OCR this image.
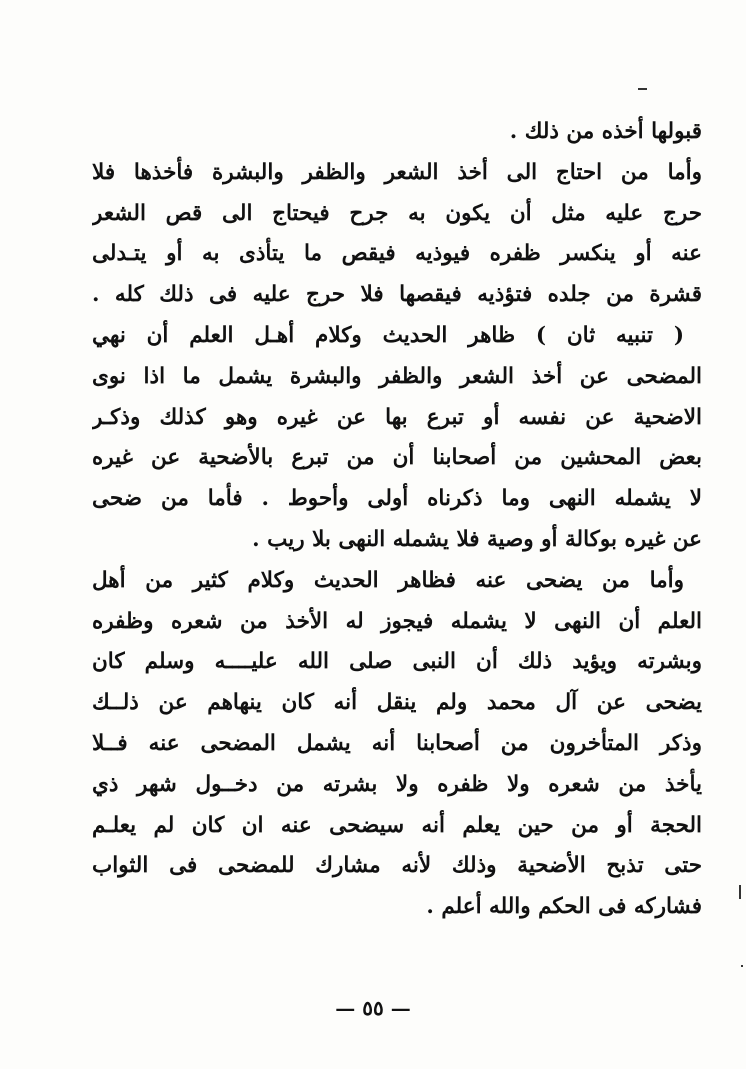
قبولها أخذه من ذلك .
وأما من احتاج الى أخذ الشعر والظفر والبشرة فأخذها فلا
حرج عليه مثل أن يكون به جرح فيحتاج الى قص الشعر
عنه أو ينكسر ظفره فيوذيه فيقص ما يتأذى به أو يتـدلى
قشرة من جلده فتؤذيه فيقصها فلا حرج عليه فى ذلك كله .
( تنبيه ثان ) ظاهر الحديث وكلام أهـل العلم أن نهي
المضحى عن أخذ الشعر والظفر والبشرة يشمل ما اذا نوى
الاضحية عن نفسه أو تبرع بها عن غيره وهو كذلك وذكـر
بعض المحشين من أصحابنا أن من تبرع بالأضحية عن غيره
لا يشمله النهى وما ذكرناه أولى وأحوط . فأما من ضحى
عن غيره بوكالة أو وصية فلا يشمله النهى بلا ريب .
وأما من يضحى عنه فظاهر الحديث وكلام كثير من أهل
العلم أن النهى لا يشمله فيجوز له الأخذ من شعره وظفره
وبشرته ويؤيد ذلك أن النبى صلى الله عليــــه وسلم كان
يضحى عن آل محمد ولم ينقل أنه كان ينهاهم عن ذلــك
وذكر المتأخرون من أصحابنا أنه يشمل المضحى عنه فــلا
يأخذ من شعره ولا ظفره ولا بشرته من دخــول شهر ذي
الحجة أو من حين يعلم أنه سيضحى عنه ان كان لم يعلـم
حتى تذبح الأضحية وذلك لأنه مشارك للمضحى فى الثواب
فشاركه فى الحكم والله أعلم .
— ٥٥ —
